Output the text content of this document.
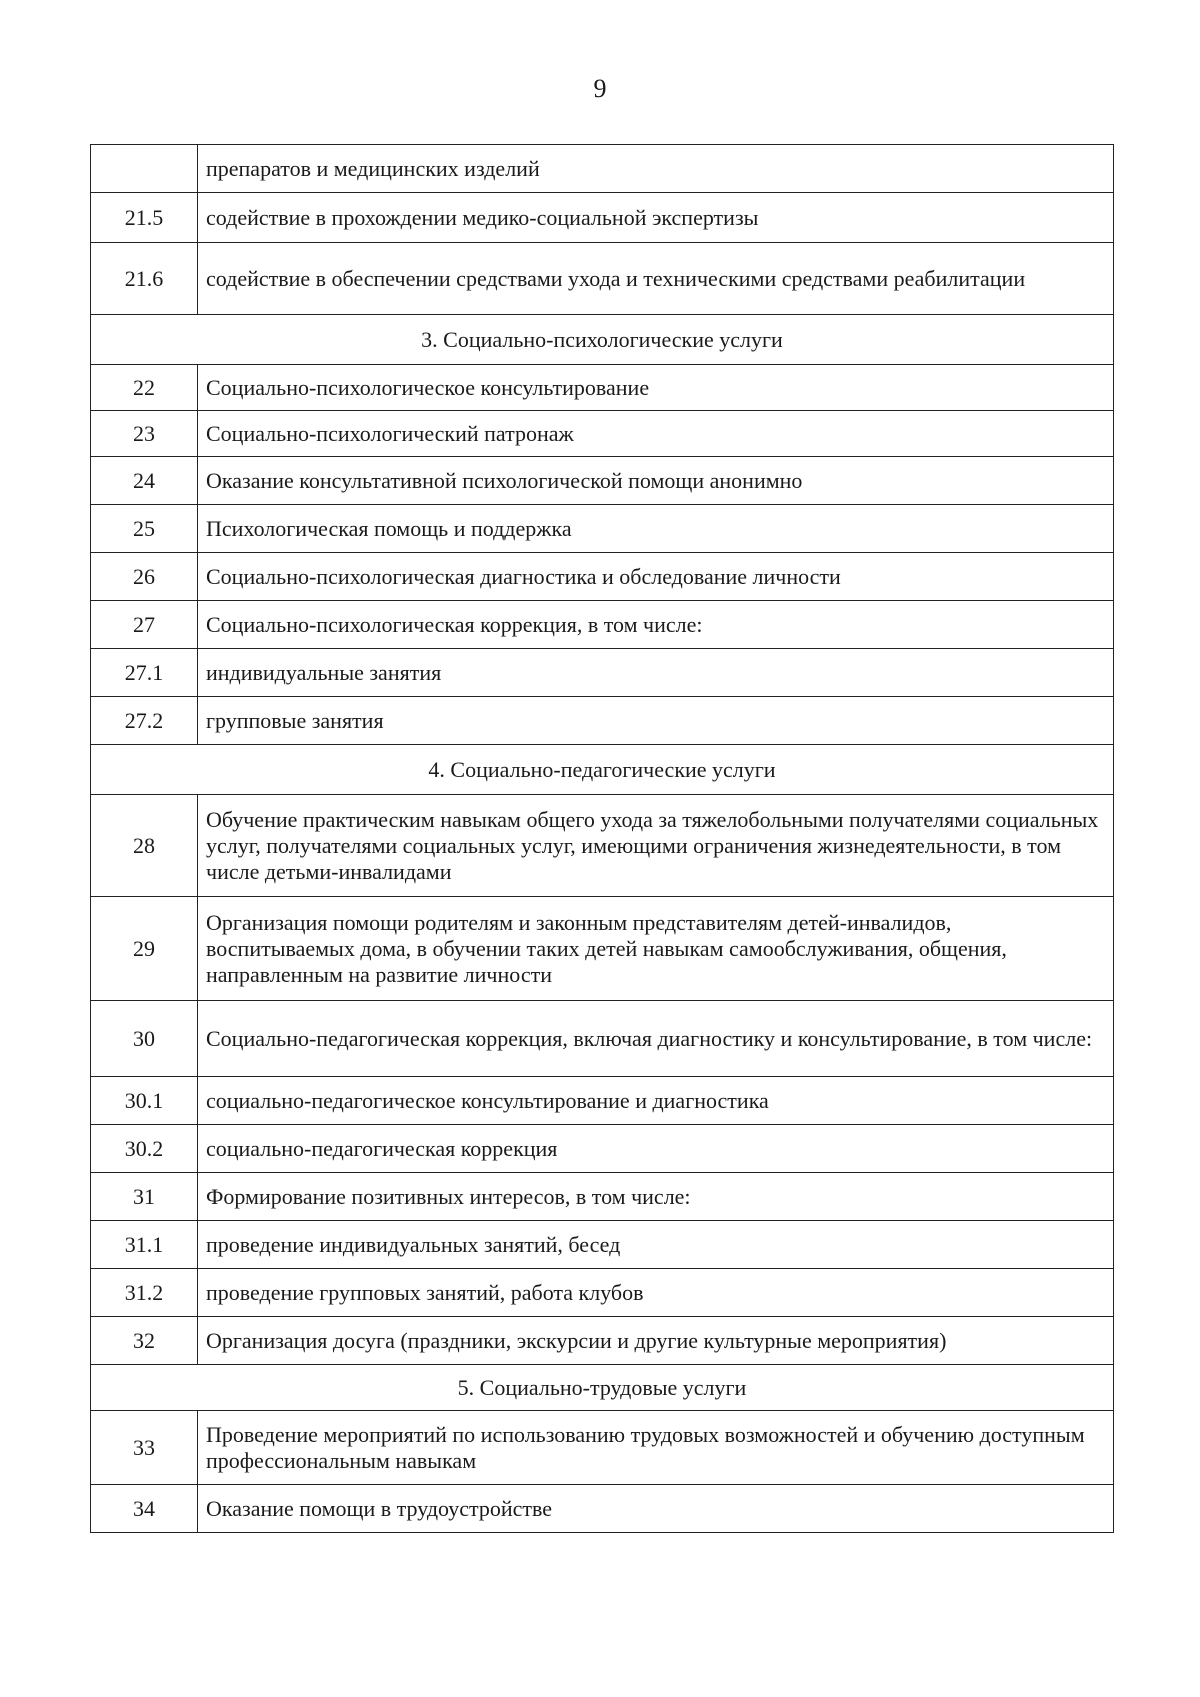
9
	препаратов и медицинских изделий
21.5	содействие в прохождении медико-социальной экспертизы
21.6	содействие в обеспечении средствами ухода и техническими средствами реабилитации
3. Социально-психологические услуги	
22	Социально-психологическое консультирование
23	Социально-психологический патронаж
24	Оказание консультативной психологической помощи анонимно
25	Психологическая помощь и поддержка
26	Социально-психологическая диагностика и обследование личности
27	Социально-психологическая коррекция, в том числе:
27.1	индивидуальные занятия
27.2	групповые занятия
4. Социально-педагогические услуги	
28	Обучение практическим навыкам общего ухода за тяжелобольными получателями социальных услуг, получателями социальных услуг, имеющими ограничения жизнедеятельности, в том числе детьми-инвалидами
29	Организация помощи родителям и законным представителям детей-инвалидов, воспитываемых дома, в обучении таких детей навыкам самообслуживания, общения, направленным на развитие личности
30	Социально-педагогическая коррекция, включая диагностику и консультирование, в том числе:
30.1	социально-педагогическое консультирование и диагностика
30.2	социально-педагогическая коррекция
31	Формирование позитивных интересов, в том числе:
31.1	проведение индивидуальных занятий, бесед
31.2	проведение групповых занятий, работа клубов
32	Организация досуга (праздники, экскурсии и другие культурные мероприятия)
5. Социально-трудовые услуги	
33	Проведение мероприятий по использованию трудовых возможностей и обучению доступным профессиональным навыкам
34	Оказание помощи в трудоустройстве
